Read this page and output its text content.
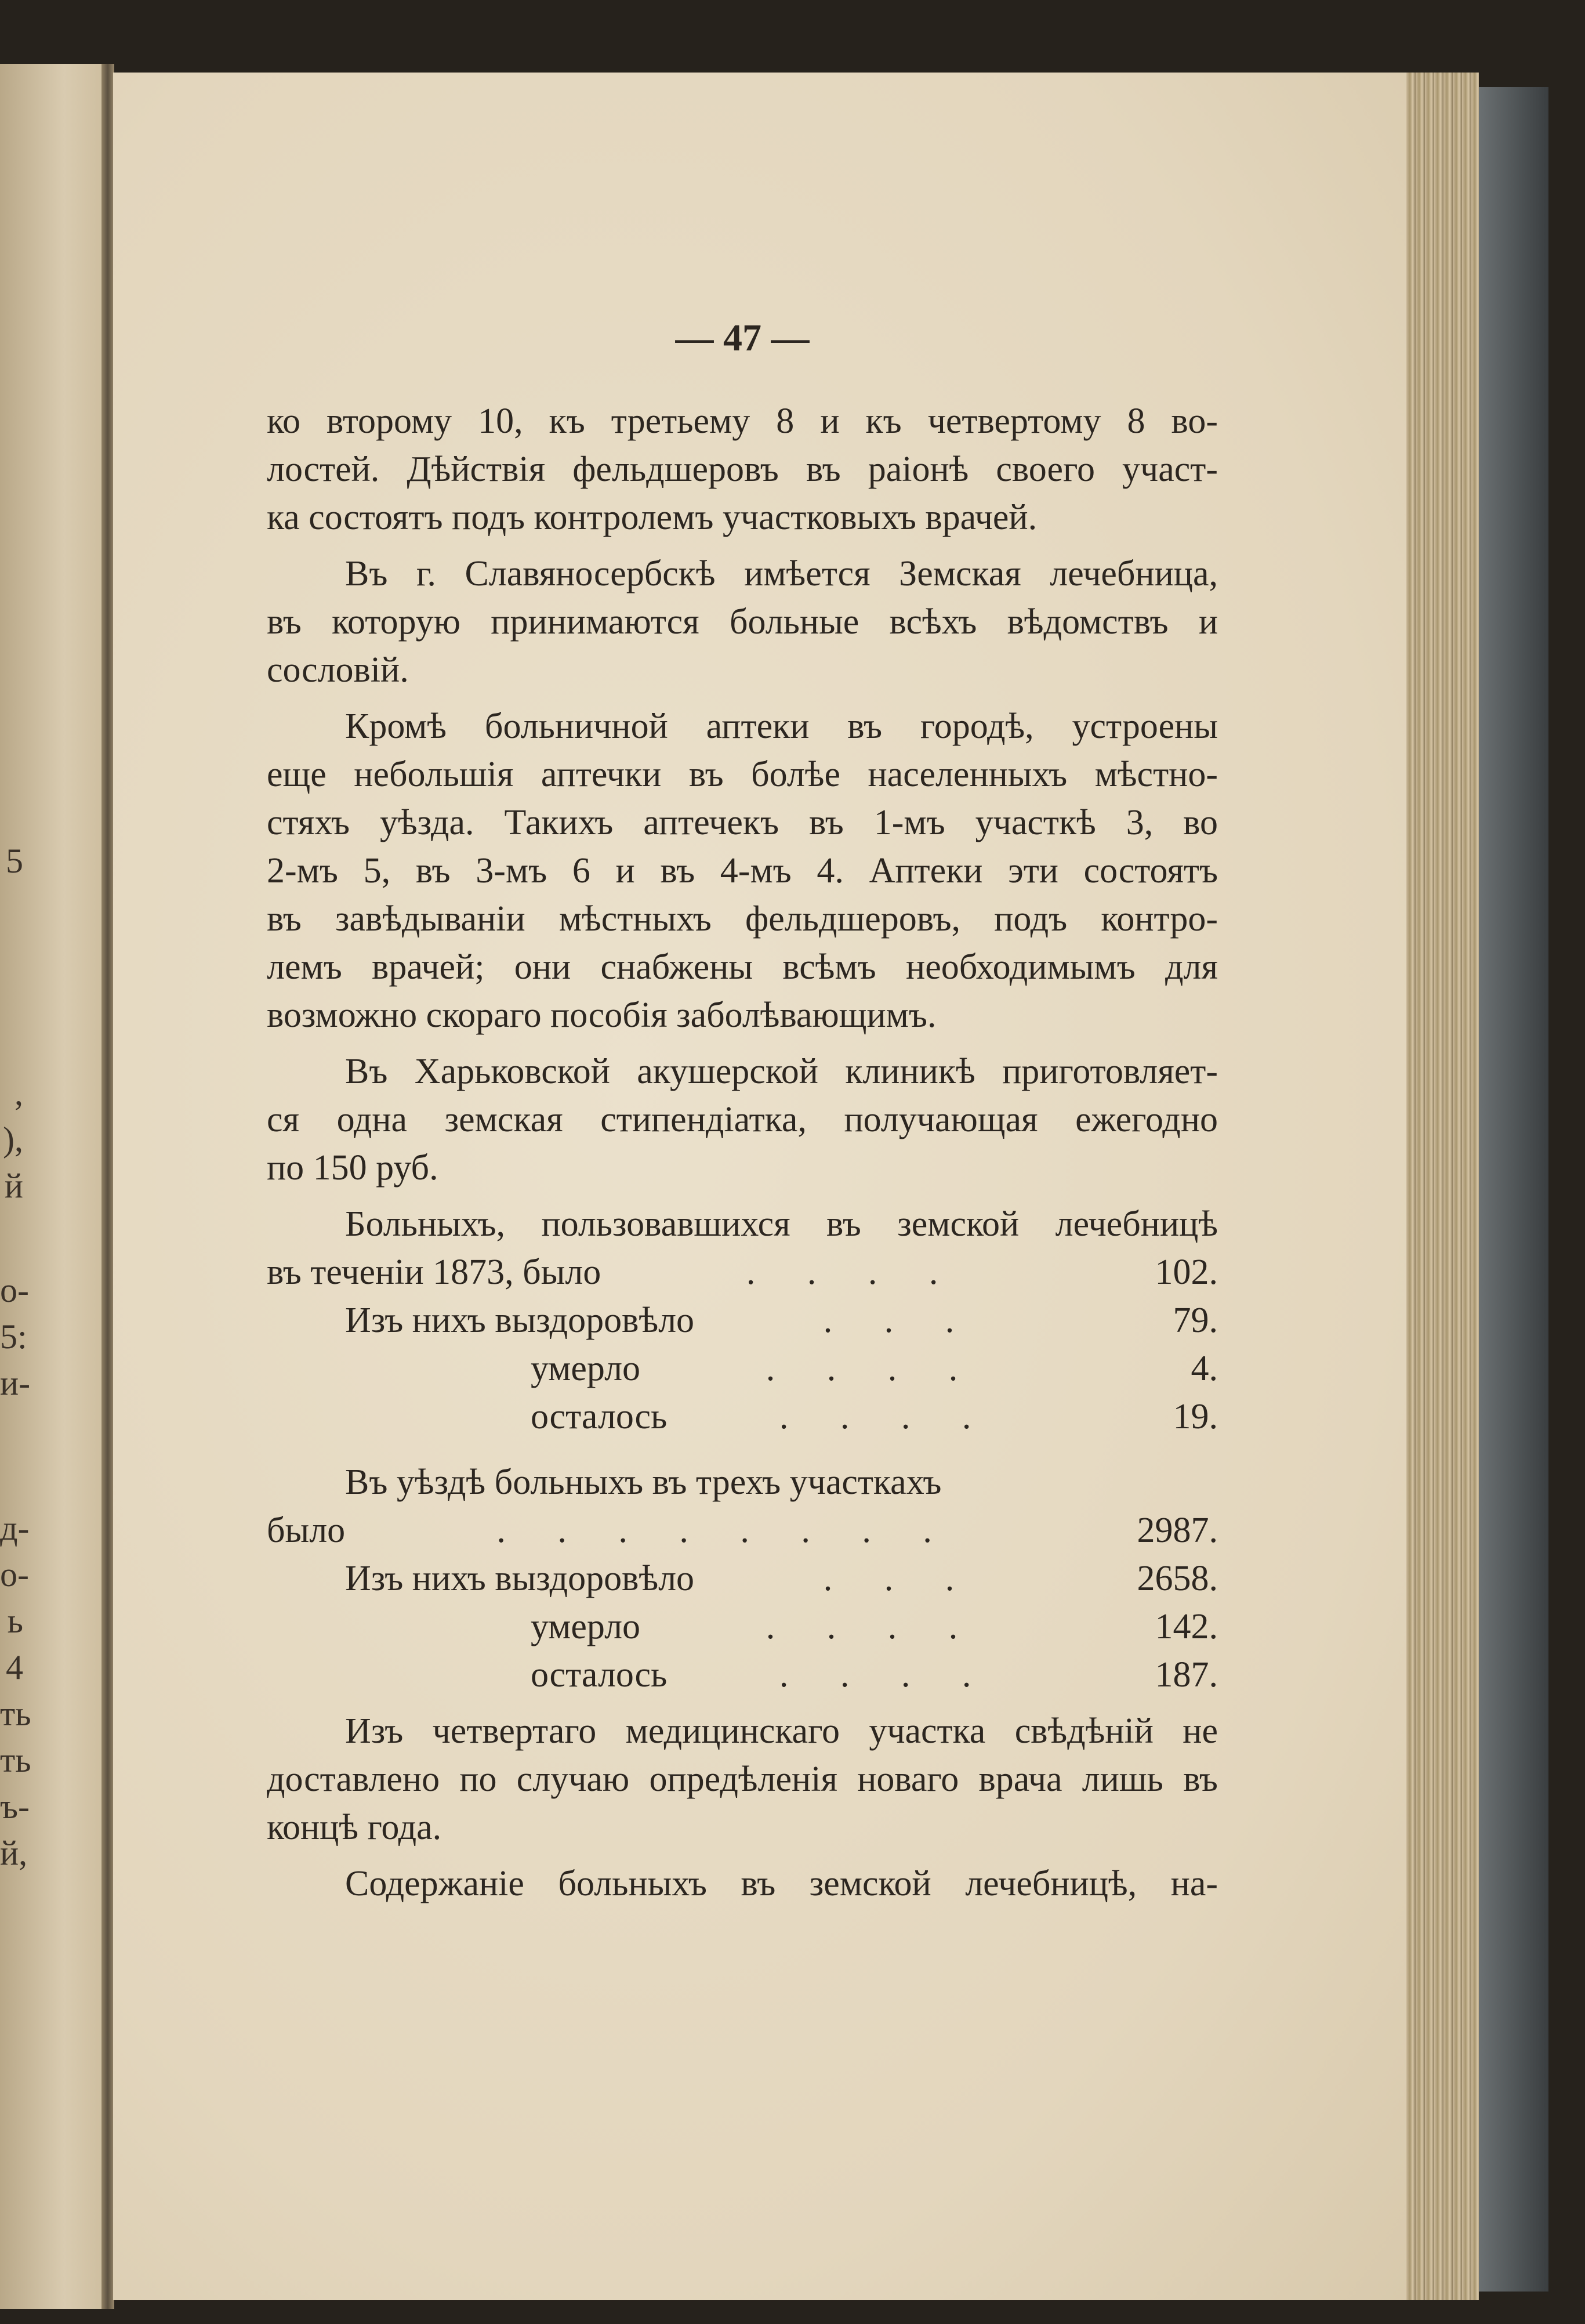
5
,
),
й
о-
5:
и-
д-
о-
ь
4
ть
ть
ъ-
й,
— 47 —
ко второму 10, къ третьему 8 и къ четвертому 8 во-
лостей. Дѣйствія фельдшеровъ въ раіонѣ своего участ-
ка состоятъ подъ контролемъ участковыхъ врачей.
Въ г. Славяносербскѣ имѣется Земская лечебница,
въ которую принимаются больные всѣхъ вѣдомствъ и
сословій.
Кромѣ больничной аптеки въ городѣ, устроены
еще небольшія аптечки въ болѣе населенныхъ мѣстно-
стяхъ уѣзда. Такихъ аптечекъ въ 1-мъ участкѣ 3, во
2-мъ 5, въ 3-мъ 6 и въ 4-мъ 4. Аптеки эти состоятъ
въ завѣдываніи мѣстныхъ фельдшеровъ, подъ контро-
лемъ врачей; они снабжены всѣмъ необходимымъ для
возможно скораго пособія заболѣвающимъ.
Въ Харьковской акушерской клиникѣ приготовляет-
ся одна земская стипендіатка, получающая ежегодно
по 150 руб.
Больныхъ, пользовавшихся въ земской лечебницѣ
въ теченіи 1873, было	.     .     .     .	102.
Изъ нихъ выздоровѣло	.     .     .	79.
умерло	.     .     .     .	4.
осталось	.     .     .     .	19.
Въ уѣздѣ больныхъ въ трехъ участкахъ
было	.     .     .     .     .     .     .     .	2987.
Изъ нихъ выздоровѣло	.     .     .	2658.
умерло	.     .     .     .	142.
осталось	.     .     .     .	187.
Изъ четвертаго медицинскаго участка свѣдѣній не
доставлено по случаю опредѣленія новаго врача лишь въ
концѣ года.
Содержаніе больныхъ въ земской лечебницѣ, на-
